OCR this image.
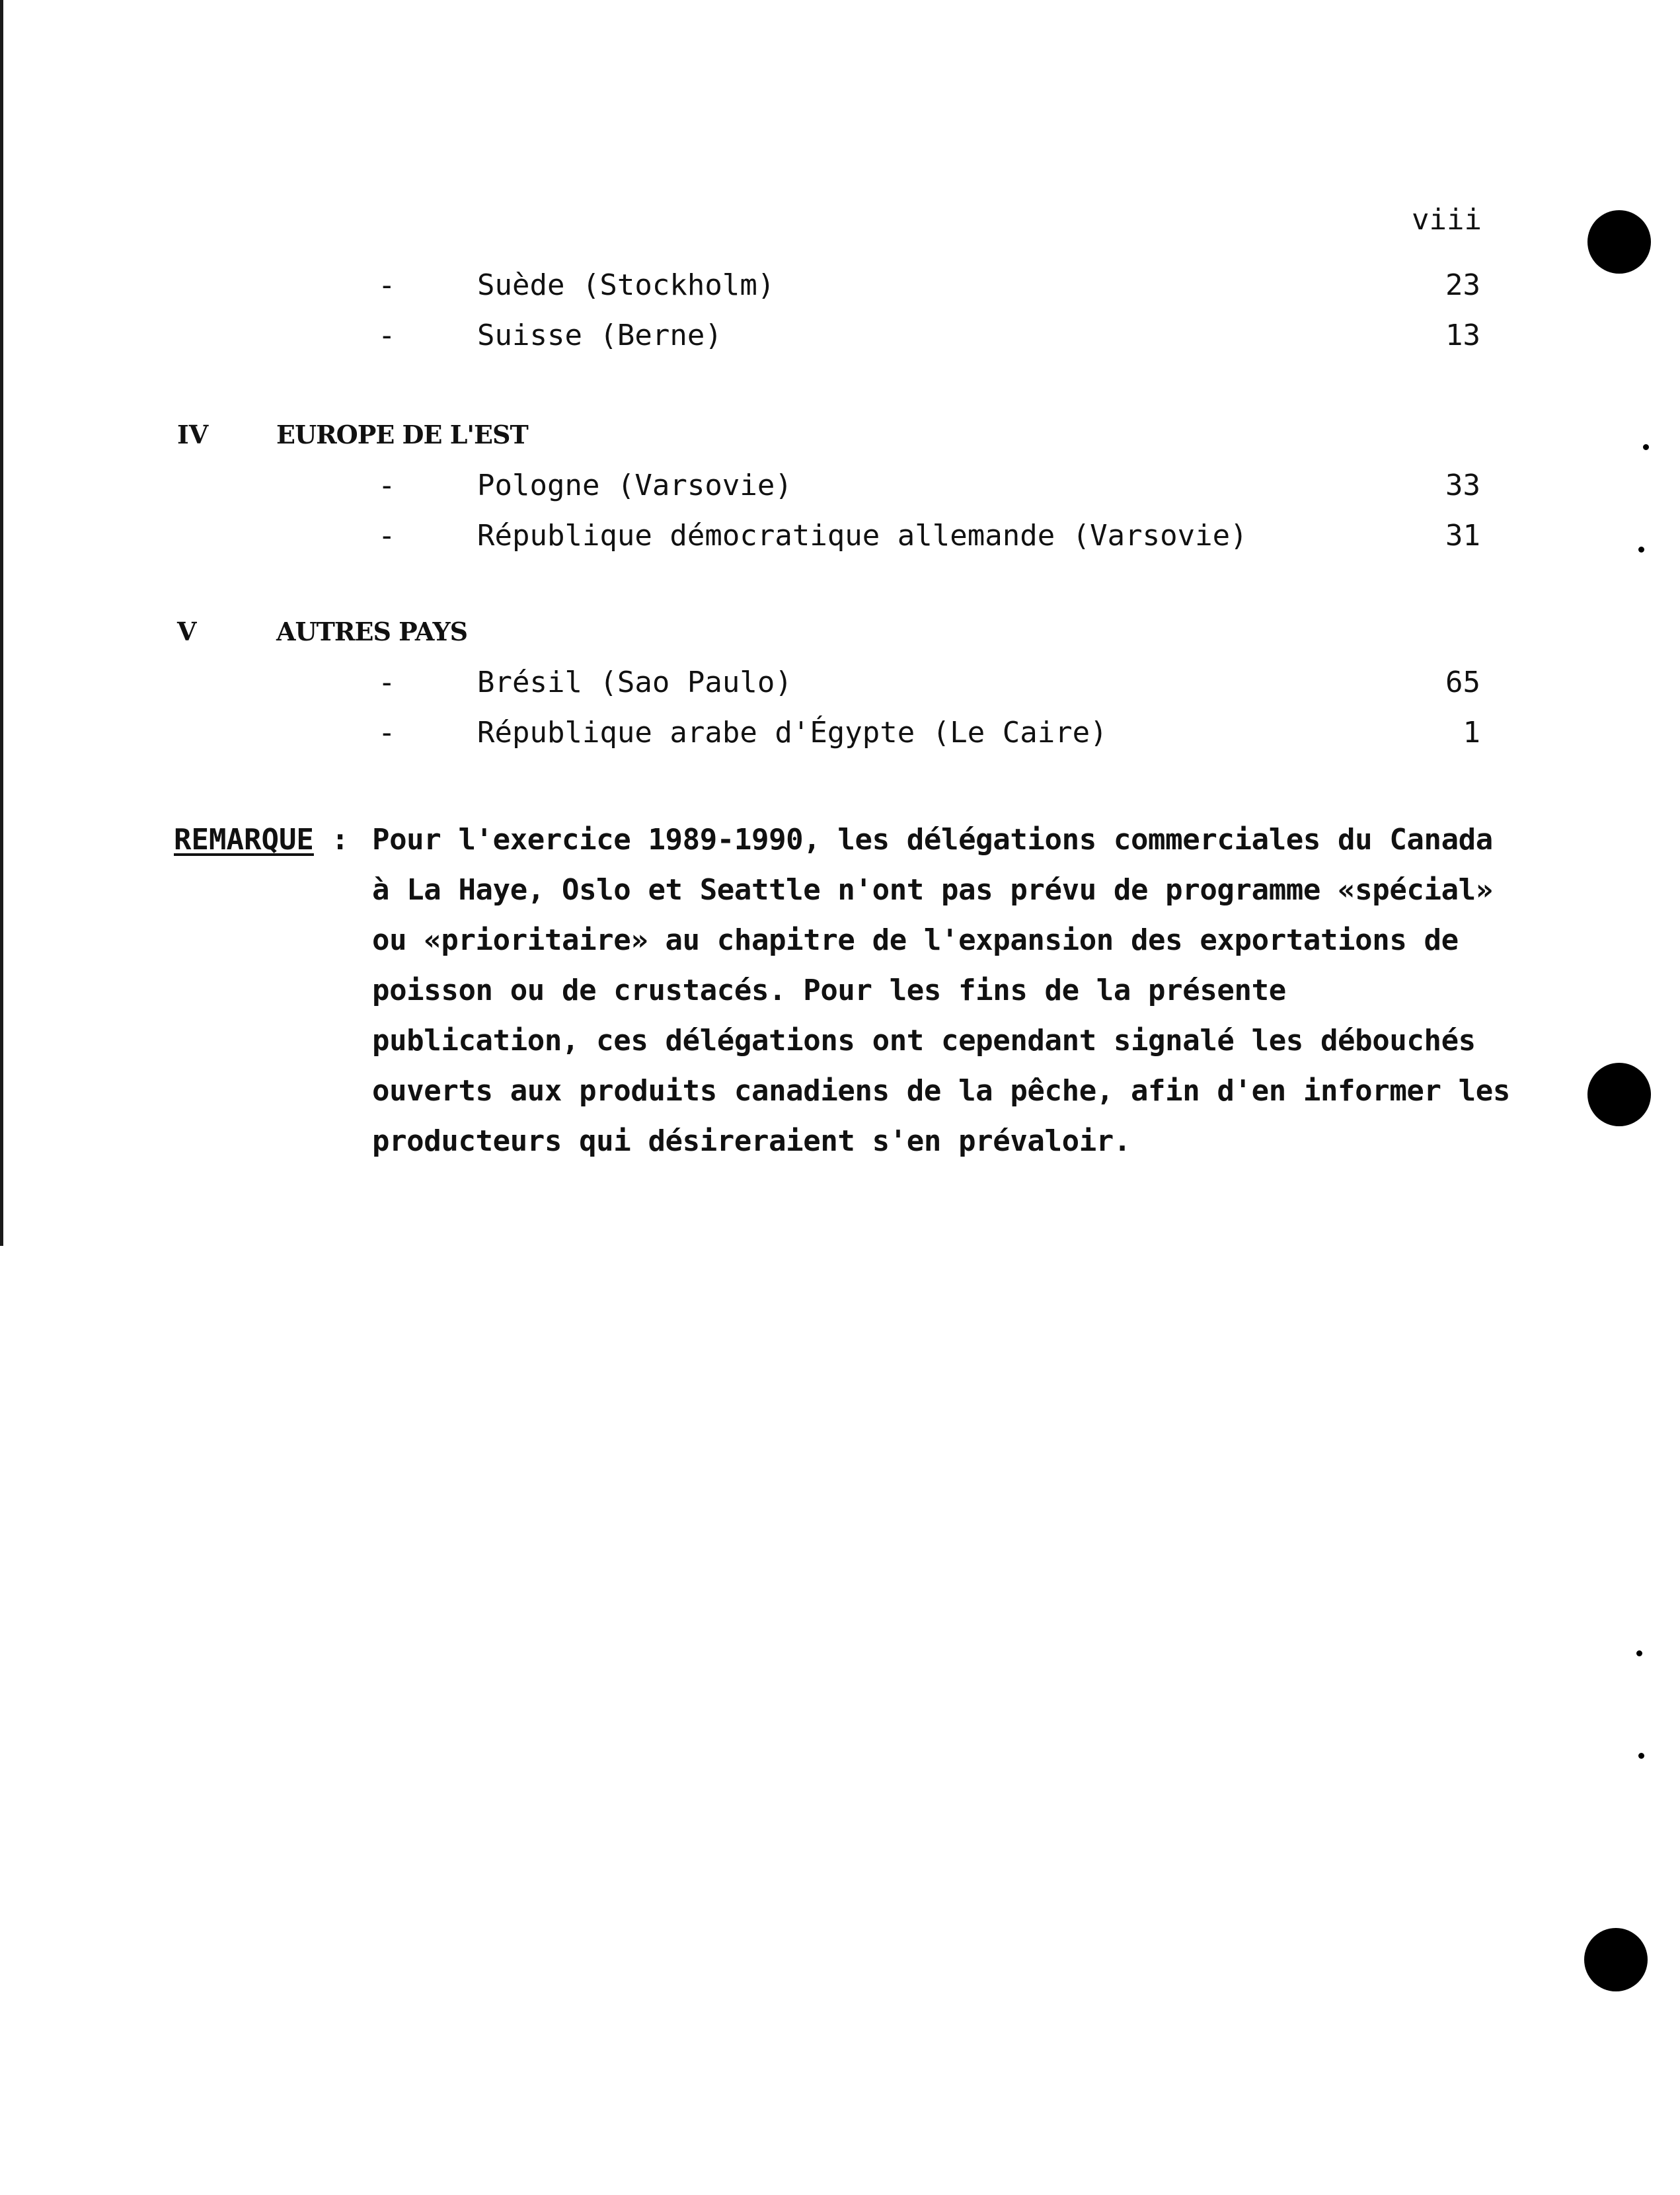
viii
-	Suède (Stockholm)	23
-	Suisse (Berne)	13
IV	EUROPE DE L'EST
-	Pologne (Varsovie)	33
-	République démocratique allemande (Varsovie)	31
V	AUTRES PAYS
-	Brésil (Sao Paulo)	65
-	République arabe d'Égypte (Le Caire)	1
REMARQUE : Pour l'exercice 1989-1990, les délégations commerciales du Canada
à La Haye, Oslo et Seattle n'ont pas prévu de programme «spécial»
ou «prioritaire» au chapitre de l'expansion des exportations de
poisson ou de crustacés. Pour les fins de la présente
publication, ces délégations ont cependant signalé les débouchés
ouverts aux produits canadiens de la pêche, afin d'en informer les
producteurs qui désireraient s'en prévaloir.
